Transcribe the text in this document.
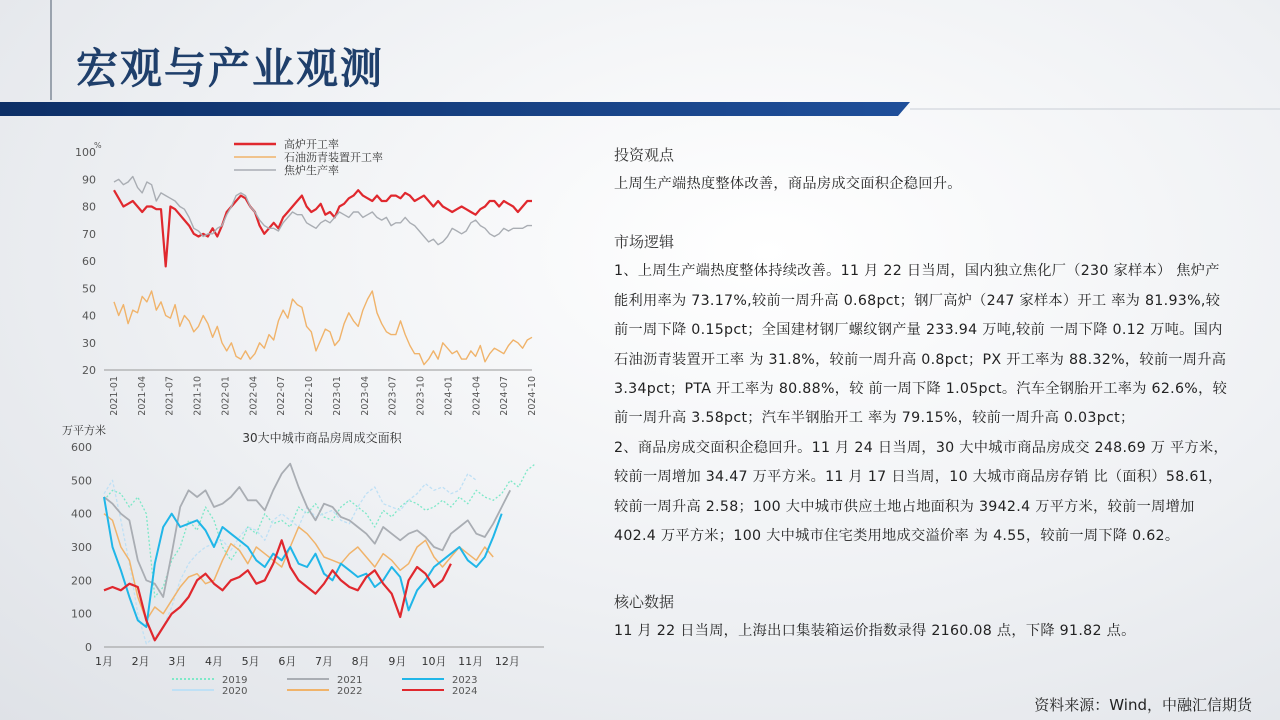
宏观与产业观测
20
30
40
50
60
70
80
90
100
%
2021-01 2021-04 2021-07 2021-10 2022-01 2022-04 2022-07 2022-10 2023-01 2023-04 2023-07 2023-10 2024-01 2024-04 2024-07 2024-10
高炉开工率
石油沥青装置开工率
焦炉生产率
万平方米
30大中城市商品房周成交面积
0
100
200
300
400
500
600
1月 2月 3月 4月 5月 6月 7月 8月 9月 10月 11月 12月
2019
2020
2021
2022
2023
2024

投资观点

上周生产端热度整体改善，商品房成交面积企稳回升。

市场逻辑

1、上周生产端热度整体持续改善。11 月 22 日当周，国内独立焦化厂（230 家样本） 焦炉产能利用率为 73.17%,较前一周升高 0.68pct；钢厂高炉（247 家样本）开工 率为 81.93%,较前一周下降 0.15pct；全国建材钢厂螺纹钢产量 233.94 万吨,较前 一周下降 0.12 万吨。国内石油沥青装置开工率 为 31.8%，较前一周升高 0.8pct；PX 开工率为 88.32%，较前一周升高 3.34pct；PTA 开工率为 80.88%，较 前一周下降 1.05pct。汽车全钢胎开工率为 62.6%，较前一周升高 3.58pct；汽车半钢胎开工 率为 79.15%，较前一周升高 0.03pct；

2、商品房成交面积企稳回升。11 月 24 日当周，30 大中城市商品房成交 248.69 万 平方米，较前一周增加 34.47 万平方米。11 月 17 日当周，10 大城市商品房存销 比（面积）58.61，较前一周升高 2.58；100 大中城市供应土地占地面积为 3942.4 万平方米，较前一周增加 402.4 万平方米；100 大中城市住宅类用地成交溢价率 为 4.55，较前一周下降 0.62。

核心数据

11 月 22 日当周，上海出口集装箱运价指数录得 2160.08 点，下降 91.82 点。

资料来源：Wind，中融汇信期货
